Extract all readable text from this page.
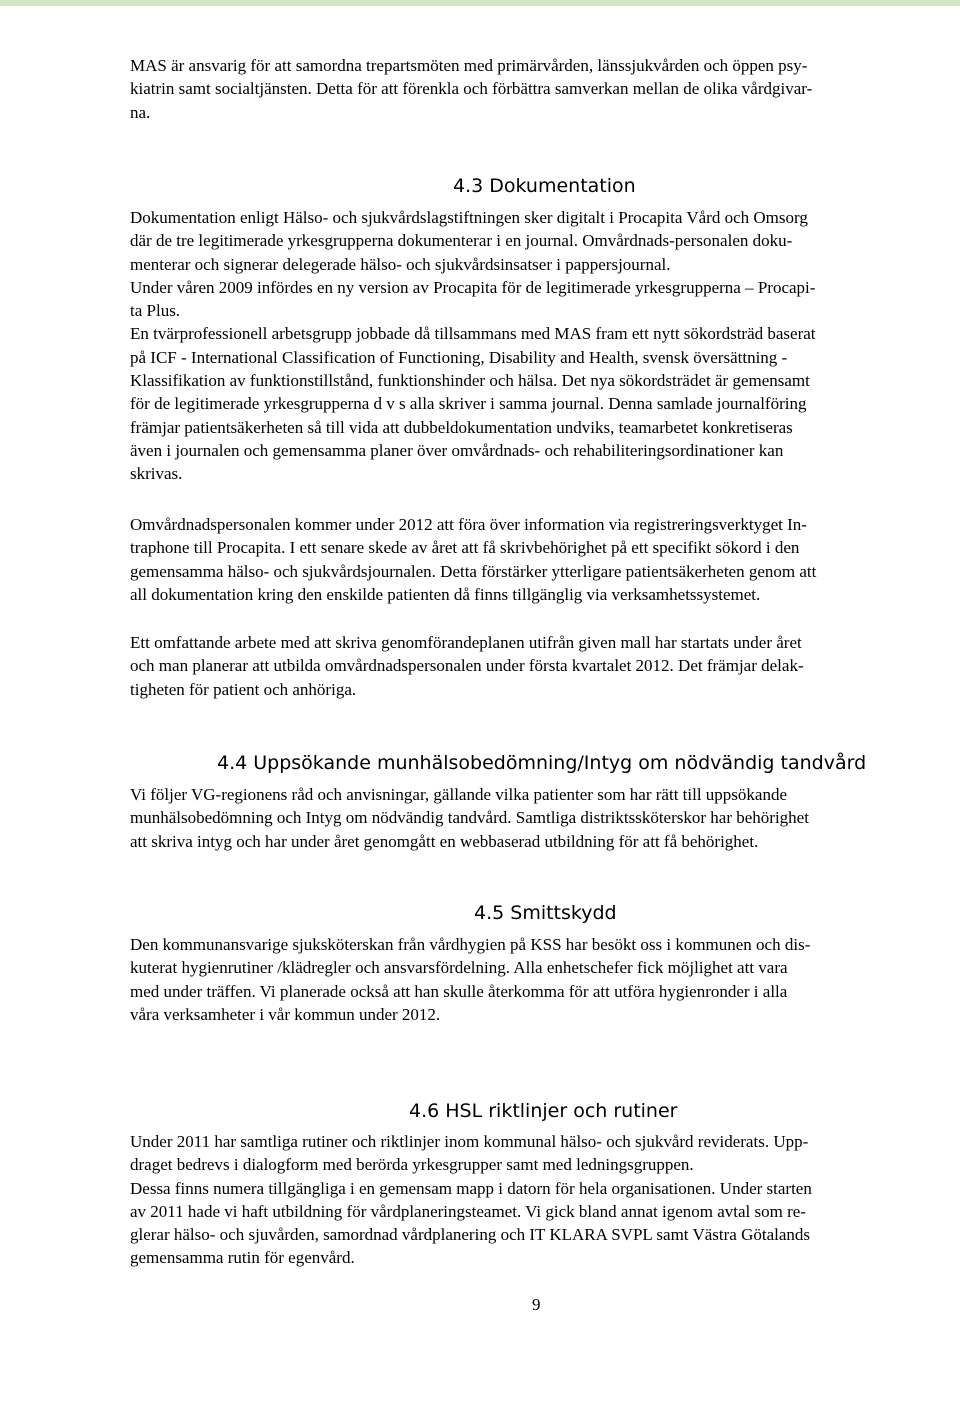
MAS är ansvarig för att samordna trepartsmöten med primärvården, länssjukvården och öppen psy-
kiatrin samt socialtjänsten. Detta för att förenkla och förbättra samverkan mellan de olika vårdgivar-
na.

4.3 Dokumentation

Dokumentation enligt Hälso- och sjukvårdslagstiftningen sker digitalt i Procapita Vård och Omsorg
där de tre legitimerade yrkesgrupperna dokumenterar i en journal. Omvårdnads-personalen doku-
menterar och signerar delegerade hälso- och sjukvårdsinsatser i pappersjournal.
Under våren 2009 infördes en ny version av Procapita för de legitimerade yrkesgrupperna – Procapi-
ta Plus.
En tvärprofessionell arbetsgrupp jobbade då tillsammans med MAS fram ett nytt sökordsträd baserat
på ICF - International Classification of Functioning, Disability and Health, svensk översättning -
Klassifikation av funktionstillstånd, funktionshinder och hälsa. Det nya sökordsträdet är gemensamt
för de legitimerade yrkesgrupperna d v s alla skriver i samma journal. Denna samlade journalföring
främjar patientsäkerheten så till vida att dubbeldokumentation undviks, teamarbetet konkretiseras
även i journalen och gemensamma planer över omvårdnads- och rehabiliteringsordinationer kan
skrivas.

Omvårdnadspersonalen kommer under 2012 att föra över information via registreringsverktyget In-
traphone till Procapita. I ett senare skede av året att få skrivbehörighet på ett specifikt sökord i den
gemensamma hälso- och sjukvårdsjournalen. Detta förstärker ytterligare patientsäkerheten genom att
all dokumentation kring den enskilde patienten då finns tillgänglig via verksamhetssystemet.

Ett omfattande arbete med att skriva genomförandeplanen utifrån given mall har startats under året
och man planerar att utbilda omvårdnadspersonalen under första kvartalet 2012. Det främjar delak-
tigheten för patient och anhöriga.

4.4 Uppsökande munhälsobedömning/Intyg om nödvändig tandvård

Vi följer VG-regionens råd och anvisningar, gällande vilka patienter som har rätt till uppsökande
munhälsobedömning och Intyg om nödvändig tandvård. Samtliga distriktssköterskor har behörighet
att skriva intyg och har under året genomgått en webbaserad utbildning för att få behörighet.

4.5 Smittskydd

Den kommunansvarige sjuksköterskan från vårdhygien på KSS har besökt oss i kommunen och dis-
kuterat hygienrutiner /klädregler och ansvarsfördelning. Alla enhetschefer fick möjlighet att vara
med under träffen. Vi planerade också att han skulle återkomma för att utföra hygienronder i alla
våra verksamheter i vår kommun under 2012.

4.6 HSL riktlinjer och rutiner

Under 2011 har samtliga rutiner och riktlinjer inom kommunal hälso- och sjukvård reviderats. Upp-
draget bedrevs i dialogform med berörda yrkesgrupper samt med ledningsgruppen.
Dessa finns numera tillgängliga i en gemensam mapp i datorn för hela organisationen. Under starten
av 2011 hade vi haft utbildning för vårdplaneringsteamet. Vi gick bland annat igenom avtal som re-
glerar hälso- och sjuvården, samordnad vårdplanering och IT KLARA SVPL samt Västra Götalands
gemensamma rutin för egenvård.

9
